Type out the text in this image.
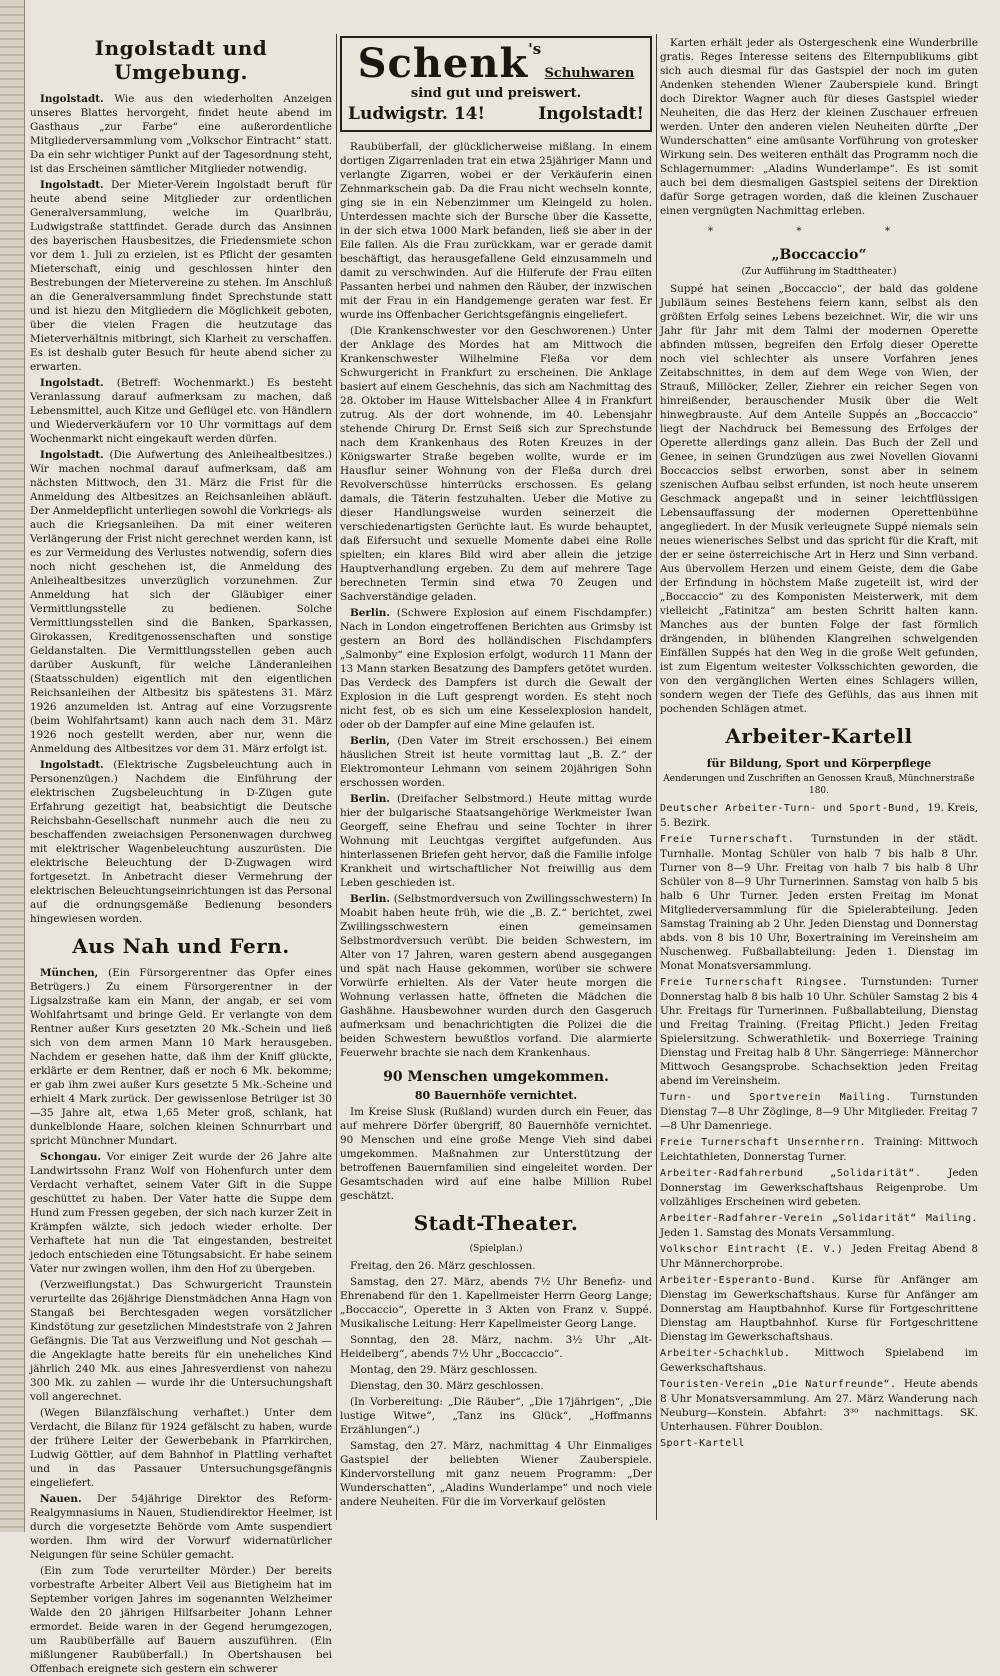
Ingolstadt und Umgebung.

Ingolstadt. Wie aus den wiederholten Anzeigen unseres Blattes hervorgeht, findet heute abend im Gasthaus „zur Farbe“ eine außerordentliche Mitgliederversammlung vom „Volkschor Eintracht“ statt. Da ein sehr wichtiger Punkt auf der Tagesordnung steht, ist das Erscheinen sämtlicher Mitglieder notwendig.

Ingolstadt. Der Mieter-Verein Ingolstadt beruft für heute abend seine Mitglieder zur ordentlichen Generalversammlung, welche im Quarlbräu, Ludwigstraße stattfindet. Gerade durch das Ansinnen des bayerischen Hausbesitzes, die Friedensmiete schon vor dem 1. Juli zu erzielen, ist es Pflicht der gesamten Mieterschaft, einig und geschlossen hinter den Bestrebungen der Mietervereine zu stehen. Im Anschluß an die Generalversammlung findet Sprechstunde statt und ist hiezu den Mitgliedern die Möglichkeit geboten, über die vielen Fragen die heutzutage das Mieterverhältnis mitbringt, sich Klarheit zu verschaffen. Es ist deshalb guter Besuch für heute abend sicher zu erwarten.

Ingolstadt. (Betreff: Wochenmarkt.) Es besteht Veranlassung darauf aufmerksam zu machen, daß Lebensmittel, auch Kitze und Geflügel etc. von Händlern und Wiederverkäufern vor 10 Uhr vormittags auf dem Wochenmarkt nicht eingekauft werden dürfen.

Ingolstadt. (Die Aufwertung des Anleihealtbesitzes.) Wir machen nochmal darauf aufmerksam, daß am nächsten Mittwoch, den 31. März die Frist für die Anmeldung des Altbesitzes an Reichsanleihen abläuft. Der Anmeldepflicht unterliegen sowohl die Vorkriegs- als auch die Kriegsanleihen. Da mit einer weiteren Verlängerung der Frist nicht gerechnet werden kann, ist es zur Vermeidung des Verlustes notwendig, sofern dies noch nicht geschehen ist, die Anmeldung des Anleihealtbesitzes unverzüglich vorzunehmen. Zur Anmeldung hat sich der Gläubiger einer Vermittlungsstelle zu bedienen. Solche Vermittlungsstellen sind die Banken, Sparkassen, Girokassen, Kreditgenossenschaften und sonstige Geldanstalten. Die Vermittlungsstellen geben auch darüber Auskunft, für welche Länderanleihen (Staatsschulden) eigentlich mit den eigentlichen Reichsanleihen der Altbesitz bis spätestens 31. März 1926 anzumelden ist. Antrag auf eine Vorzugsrente (beim Wohlfahrtsamt) kann auch nach dem 31. März 1926 noch gestellt werden, aber nur, wenn die Anmeldung des Altbesitzes vor dem 31. März erfolgt ist.

Ingolstadt. (Elektrische Zugsbeleuchtung auch in Personenzügen.) Nachdem die Einführung der elektrischen Zugsbeleuchtung in D-Zügen gute Erfahrung gezeitigt hat, beabsichtigt die Deutsche Reichsbahn-Gesellschaft nunmehr auch die neu zu beschaffenden zweiachsigen Personenwagen durchweg mit elektrischer Wagenbeleuchtung auszurüsten. Die elektrische Beleuchtung der D-Zugwagen wird fortgesetzt. In Anbetracht dieser Vermehrung der elektrischen Beleuchtungseinrichtungen ist das Personal auf die ordnungsgemäße Bedienung besonders hingewiesen worden.

Aus Nah und Fern.

München, (Ein Fürsorgerentner das Opfer eines Betrügers.) Zu einem Fürsorgerentner in der Ligsalzstraße kam ein Mann, der angab, er sei vom Wohlfahrtsamt und bringe Geld. Er verlangte von dem Rentner außer Kurs gesetzten 20 Mk.-Schein und ließ sich von dem armen Mann 10 Mark herausgeben. Nachdem er gesehen hatte, daß ihm der Kniff glückte, erklärte er dem Rentner, daß er noch 6 Mk. bekomme; er gab ihm zwei außer Kurs gesetzte 5 Mk.-Scheine und erhielt 4 Mark zurück. Der gewissenlose Betrüger ist 30—35 Jahre alt, etwa 1,65 Meter groß, schlank, hat dunkelblonde Haare, solchen kleinen Schnurrbart und spricht Münchner Mundart.

Schongau. Vor einiger Zeit wurde der 26 Jahre alte Landwirtssohn Franz Wolf von Hohenfurch unter dem Verdacht verhaftet, seinem Vater Gift in die Suppe geschüttet zu haben. Der Vater hatte die Suppe dem Hund zum Fressen gegeben, der sich nach kurzer Zeit in Krämpfen wälzte, sich jedoch wieder erholte. Der Verhaftete hat nun die Tat eingestanden, bestreitet jedoch entschieden eine Tötungsabsicht. Er habe seinem Vater nur zwingen wollen, ihm den Hof zu übergeben.

(Verzweiflungstat.) Das Schwurgericht Traunstein verurteilte das 26jährige Dienstmädchen Anna Hagn von Stangaß bei Berchtesgaden wegen vorsätzlicher Kindstötung zur gesetzlichen Mindeststrafe von 2 Jahren Gefängnis. Die Tat aus Verzweiflung und Not geschah — die Angeklagte hatte bereits für ein uneheliches Kind jährlich 240 Mk. aus eines Jahresverdienst von nahezu 300 Mk. zu zahlen — wurde ihr die Untersuchungshaft voll angerechnet.

(Wegen Bilanzfälschung verhaftet.) Unter dem Verdacht, die Bilanz für 1924 gefälscht zu haben, wurde der frühere Leiter der Gewerbebank in Pfarrkirchen, Ludwig Göttler, auf dem Bahnhof in Plattling verhaftet und in das Passauer Untersuchungsgefängnis eingeliefert.

Nauen. Der 54jährige Direktor des Reform-Realgymnasiums in Nauen, Studiendirektor Heelmer, ist durch die vorgesetzte Behörde vom Amte suspendiert worden. Ihm wird der Vorwurf widernatürlicher Neigungen für seine Schüler gemacht.

(Ein zum Tode verurteilter Mörder.) Der bereits vorbestrafte Arbeiter Albert Veil aus Bietigheim hat im September vorigen Jahres im sogenannten Welzheimer Walde den 20 jährigen Hilfsarbeiter Johann Lehner ermordet. Beide waren in der Gegend herumgezogen, um Raubüberfälle auf Bauern auszuführen. (Ein mißlungener Raubüberfall.) In Obertshausen bei Offenbach ereignete sich gestern ein schwerer

Schenk's Schuhwaren
sind gut und preiswert.
Ludwigstr. 14!	Ingolstadt!

Raubüberfall, der glücklicherweise mißlang. In einem dortigen Zigarrenladen trat ein etwa 25jähriger Mann und verlangte Zigarren, wobei er der Verkäuferin einen Zehnmarkschein gab. Da die Frau nicht wechseln konnte, ging sie in ein Nebenzimmer um Kleingeld zu holen. Unterdessen machte sich der Bursche über die Kassette, in der sich etwa 1000 Mark befanden, ließ sie aber in der Eile fallen. Als die Frau zurückkam, war er gerade damit beschäftigt, das herausgefallene Geld einzusammeln und damit zu verschwinden. Auf die Hilferufe der Frau eilten Passanten herbei und nahmen den Räuber, der inzwischen mit der Frau in ein Handgemenge geraten war fest. Er wurde ins Offenbacher Gerichtsgefängnis eingeliefert.

(Die Krankenschwester vor den Geschworenen.) Unter der Anklage des Mordes hat am Mittwoch die Krankenschwester Wilhelmine Fleßa vor dem Schwurgericht in Frankfurt zu erscheinen. Die Anklage basiert auf einem Geschehnis, das sich am Nachmittag des 28. Oktober im Hause Wittelsbacher Allee 4 in Frankfurt zutrug. Als der dort wohnende, im 40. Lebensjahr stehende Chirurg Dr. Ernst Seiß sich zur Sprechstunde nach dem Krankenhaus des Roten Kreuzes in der Königswarter Straße begeben wollte, wurde er im Hausflur seiner Wohnung von der Fleßa durch drei Revolverschüsse hinterrücks erschossen. Es gelang damals, die Täterin festzuhalten. Ueber die Motive zu dieser Handlungsweise wurden seinerzeit die verschiedenartigsten Gerüchte laut. Es wurde behauptet, daß Eifersucht und sexuelle Momente dabei eine Rolle spielten; ein klares Bild wird aber allein die jetzige Hauptverhandlung ergeben. Zu dem auf mehrere Tage berechneten Termin sind etwa 70 Zeugen und Sachverständige geladen.

Berlin. (Schwere Explosion auf einem Fischdampfer.) Nach in London eingetroffenen Berichten aus Grimsby ist gestern an Bord des holländischen Fischdampfers „Salmonby“ eine Explosion erfolgt, wodurch 11 Mann der 13 Mann starken Besatzung des Dampfers getötet wurden. Das Verdeck des Dampfers ist durch die Gewalt der Explosion in die Luft gesprengt worden. Es steht noch nicht fest, ob es sich um eine Kesselexplosion handelt, oder ob der Dampfer auf eine Mine gelaufen ist.

Berlin, (Den Vater im Streit erschossen.) Bei einem häuslichen Streit ist heute vormittag laut „B. Z.“ der Elektromonteur Lehmann von seinem 20jährigen Sohn erschossen worden.

Berlin. (Dreifacher Selbstmord.) Heute mittag wurde hier der bulgarische Staatsangehörige Werkmeister Iwan Georgeff, seine Ehefrau und seine Tochter in ihrer Wohnung mit Leuchtgas vergiftet aufgefunden. Aus hinterlassenen Briefen geht hervor, daß die Familie infolge Krankheit und wirtschaftlicher Not freiwillig aus dem Leben geschieden ist.

Berlin. (Selbstmordversuch von Zwillingsschwestern) In Moabit haben heute früh, wie die „B. Z.“ berichtet, zwei Zwillingsschwestern einen gemeinsamen Selbstmordversuch verübt. Die beiden Schwestern, im Alter von 17 Jahren, waren gestern abend ausgegangen und spät nach Hause gekommen, worüber sie schwere Vorwürfe erhielten. Als der Vater heute morgen die Wohnung verlassen hatte, öffneten die Mädchen die Gashähne. Hausbewohner wurden durch den Gasgeruch aufmerksam und benachrichtigten die Polizei die die beiden Schwestern bewußtlos vorfand. Die alarmierte Feuerwehr brachte sie nach dem Krankenhaus.

90 Menschen umgekommen.
80 Bauernhöfe vernichtet.

Im Kreise Slusk (Rußland) wurden durch ein Feuer, das auf mehrere Dörfer übergriff, 80 Bauernhöfe vernichtet. 90 Menschen und eine große Menge Vieh sind dabei umgekommen. Maßnahmen zur Unterstützung der betroffenen Bauernfamilien sind eingeleitet worden. Der Gesamtschaden wird auf eine halbe Million Rubel geschätzt.

Stadt-Theater.
(Spielplan.)

Freitag, den 26. März geschlossen.

Samstag, den 27. März, abends 7½ Uhr Benefiz- und Ehrenabend für den 1. Kapellmeister Herrn Georg Lange; „Boccaccio“, Operette in 3 Akten von Franz v. Suppé. Musikalische Leitung: Herr Kapellmeister Georg Lange.

Sonntag, den 28. März, nachm. 3½ Uhr „Alt-Heidelberg“, abends 7½ Uhr „Boccaccio“.

Montag, den 29. März geschlossen.

Dienstag, den 30. März geschlossen.

(In Vorbereitung: „Die Räuber“, „Die 17jährigen“, „Die lustige Witwe“, „Tanz ins Glück“, „Hoffmanns Erzählungen“.)

Samstag, den 27. März, nachmittag 4 Uhr Einmaliges Gastspiel der beliebten Wiener Zauberspiele. Kindervorstellung mit ganz neuem Programm: „Der Wunderschatten“, „Aladins Wunderlampe“ und noch viele andere Neuheiten. Für die im Vorverkauf gelösten

Karten erhält jeder als Ostergeschenk eine Wunderbrille gratis. Reges Interesse seitens des Elternpublikums gibt sich auch diesmal für das Gastspiel der noch im guten Andenken stehenden Wiener Zauberspiele kund. Bringt doch Direktor Wagner auch für dieses Gastspiel wieder Neuheiten, die das Herz der kleinen Zuschauer erfreuen werden. Unter den anderen vielen Neuheiten dürfte „Der Wunderschatten“ eine amüsante Vorführung von grotesker Wirkung sein. Des weiteren enthält das Programm noch die Schlagernummer: „Aladins Wunderlampe“. Es ist somit auch bei dem diesmaligen Gastspiel seitens der Direktion dafür Sorge getragen worden, daß die kleinen Zuschauer einen vergnügten Nachmittag erleben.

* * *

„Boccaccio“
(Zur Aufführung im Stadttheater.)

Suppé hat seinen „Boccaccio“, der bald das goldene Jubiläum seines Bestehens feiern kann, selbst als den größten Erfolg seines Lebens bezeichnet. Wir, die wir uns Jahr für Jahr mit dem Talmi der modernen Operette abfinden müssen, begreifen den Erfolg dieser Operette noch viel schlechter als unsere Vorfahren jenes Zeitabschnittes, in dem auf dem Wege von Wien, der Strauß, Millöcker, Zeller, Ziehrer ein reicher Segen von hinreißender, berauschender Musik über die Welt hinwegbrauste. Auf dem Anteile Suppés an „Boccaccio“ liegt der Nachdruck bei Bemessung des Erfolges der Operette allerdings ganz allein. Das Buch der Zell und Genee, in seinen Grundzügen aus zwei Novellen Giovanni Boccaccios selbst erworben, sonst aber in seinem szenischen Aufbau selbst erfunden, ist noch heute unserem Geschmack angepaßt und in seiner leichtflüssigen Lebensauffassung der modernen Operettenbühne angegliedert. In der Musik verleugnete Suppé niemals sein neues wienerisches Selbst und das spricht für die Kraft, mit der er seine österreichische Art in Herz und Sinn verband. Aus übervollem Herzen und einem Geiste, dem die Gabe der Erfindung in höchstem Maße zugeteilt ist, wird der „Boccaccio“ zu des Komponisten Meisterwerk, mit dem vielleicht „Fatinitza“ am besten Schritt halten kann. Manches aus der bunten Folge der fast förmlich drängenden, in blühenden Klangreihen schwelgenden Einfällen Suppés hat den Weg in die große Welt gefunden, ist zum Eigentum weitester Volksschichten geworden, die von den vergänglichen Werten eines Schlagers willen, sondern wegen der Tiefe des Gefühls, das aus ihnen mit pochenden Schlägen atmet.

Arbeiter-Kartell
für Bildung, Sport und Körperpflege
Aenderungen und Zuschriften an Genossen Krauß, Münchnerstraße 180.

Deutscher Arbeiter-Turn- und Sport-Bund, 19. Kreis, 5. Bezirk.

Freie Turnerschaft. Turnstunden in der städt. Turnhalle. Montag Schüler von halb 7 bis halb 8 Uhr. Turner von 8—9 Uhr. Freitag von halb 7 bis halb 8 Uhr Schüler von 8—9 Uhr Turnerinnen. Samstag von halb 5 bis halb 6 Uhr Turner. Jeden ersten Freitag im Monat Mitgliederversammlung für die Spielerabteilung. Jeden Samstag Training ab 2 Uhr. Jeden Dienstag und Donnerstag abds. von 8 bis 10 Uhr, Boxertraining im Vereinsheim am Nuschenweg. Fußballabteilung: Jeden 1. Dienstag im Monat Monatsversammlung.

Freie Turnerschaft Ringsee. Turnstunden: Turner Donnerstag halb 8 bis halb 10 Uhr. Schüler Samstag 2 bis 4 Uhr. Freitags für Turnerinnen. Fußballabteilung, Dienstag und Freitag Training. (Freitag Pflicht.) Jeden Freitag Spielersitzung. Schwerathletik- und Boxerriege Training Dienstag und Freitag halb 8 Uhr. Sängerriege: Männerchor Mittwoch Gesangsprobe. Schachsektion jeden Freitag abend im Vereinsheim.

Turn- und Sportverein Mailing. Turnstunden Dienstag 7—8 Uhr Zöglinge, 8—9 Uhr Mitglieder. Freitag 7—8 Uhr Damenriege.

Freie Turnerschaft Unsernherrn. Training: Mittwoch Leichtathleten, Donnerstag Turner.

Arbeiter-Radfahrerbund „Solidarität“. Jeden Donnerstag im Gewerkschaftshaus Reigenprobe. Um vollzähliges Erscheinen wird gebeten.

Arbeiter-Radfahrer-Verein „Solidarität“ Mailing. Jeden 1. Samstag des Monats Versammlung.

Volkschor Eintracht (E. V.) Jeden Freitag Abend 8 Uhr Männerchorprobe.

Arbeiter-Esperanto-Bund. Kurse für Anfänger am Dienstag im Gewerkschaftshaus. Kurse für Anfänger am Donnerstag am Hauptbahnhof. Kurse für Fortgeschrittene Dienstag am Hauptbahnhof. Kurse für Fortgeschrittene Dienstag im Gewerkschaftshaus.

Arbeiter-Schachklub. Mittwoch Spielabend im Gewerkschaftshaus.

Touristen-Verein „Die Naturfreunde“. Heute abends 8 Uhr Monatsversammlung. Am 27. März Wanderung nach Neuburg—Konstein. Abfahrt: 3³⁰ nachmittags. SK. Unterhausen. Führer Doublon.

Sport-Kartell
